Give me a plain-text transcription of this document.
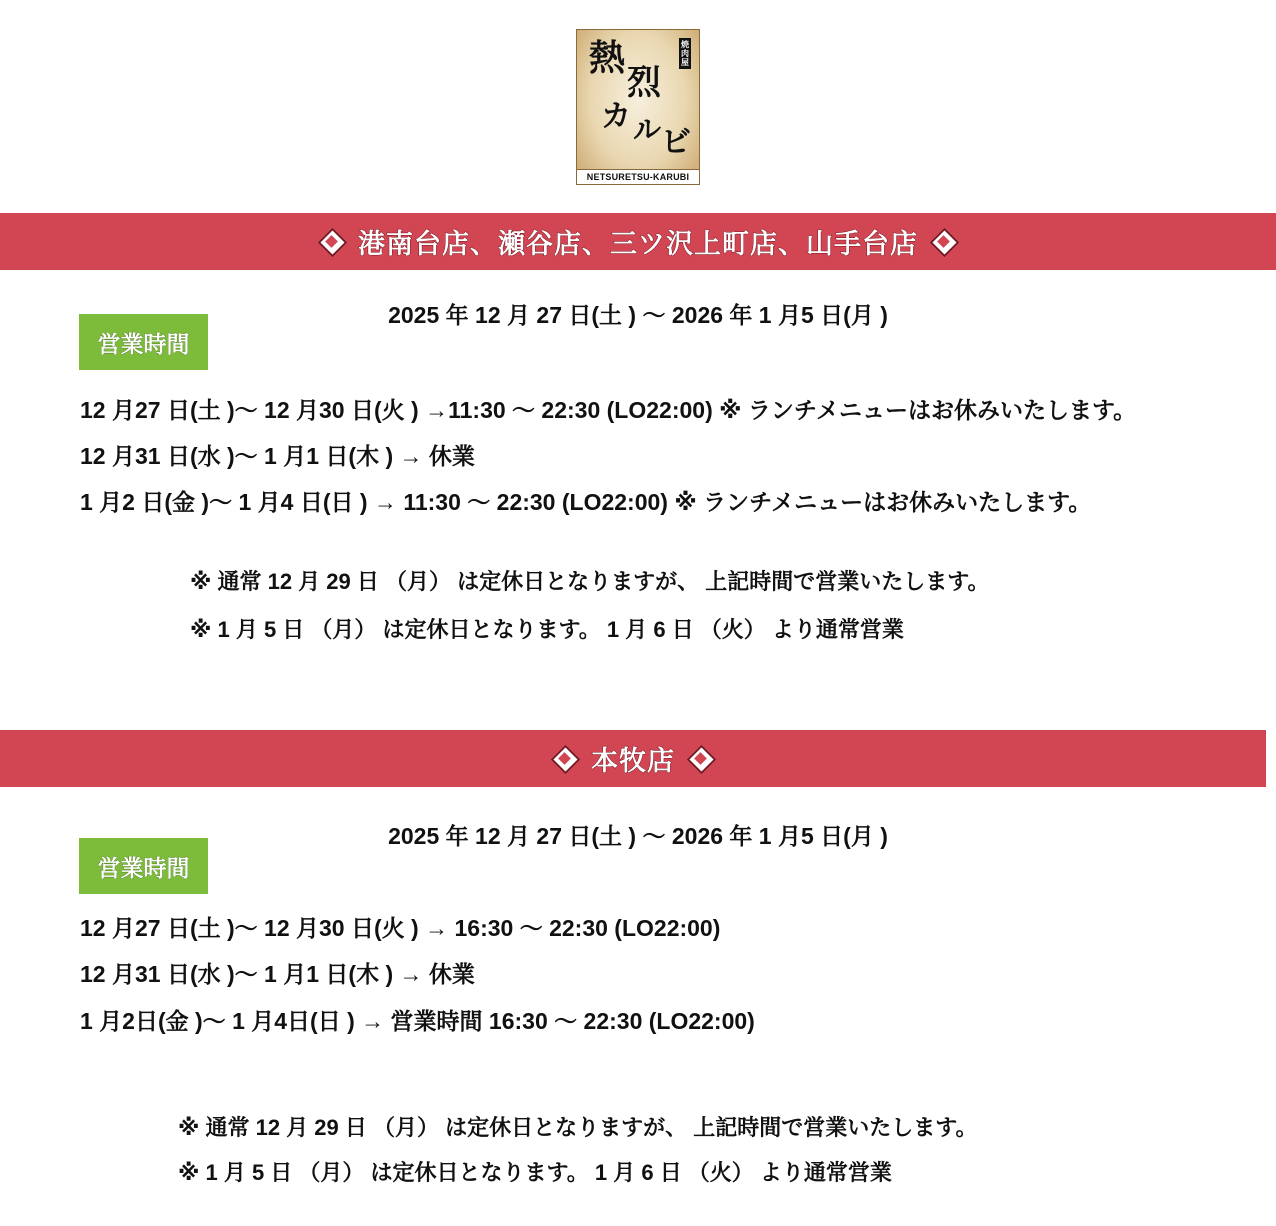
熱
烈
カ ル ビ
焼肉屋
NETSURETSU-KARUBI
港南台店、瀬谷店、三ツ沢上町店、山手台店
2025 年 12 月 27 日(土 ) ～ 2026 年 1 月5 日(月 )
営業時間
12 月27 日(土 )～ 12 月30 日(火 ) →11:30 ～ 22:30 (LO22:00) ※ ランチメニューはお休みいたします。
12 月31 日(水 )～ 1 月1 日(木 ) → 休業
1 月2 日(金 )～ 1 月4 日(日 ) → 11:30 ～ 22:30 (LO22:00) ※ ランチメニューはお休みいたします。
※ 通常 12 月 29 日 （月） は定休日となりますが、 上記時間で営業いたします。
※ 1 月 5 日 （月） は定休日となります。 1 月 6 日 （火） より通常営業
本牧店
2025 年 12 月 27 日(土 ) ～ 2026 年 1 月5 日(月 )
営業時間
12 月27 日(土 )～ 12 月30 日(火 ) → 16:30 ～ 22:30 (LO22:00)
12 月31 日(水 )～ 1 月1 日(木 ) → 休業
1 月2日(金 )～ 1 月4日(日 ) → 営業時間 16:30 ～ 22:30 (LO22:00)
※ 通常 12 月 29 日 （月） は定休日となりますが、 上記時間で営業いたします。
※ 1 月 5 日 （月） は定休日となります。 1 月 6 日 （火） より通常営業
